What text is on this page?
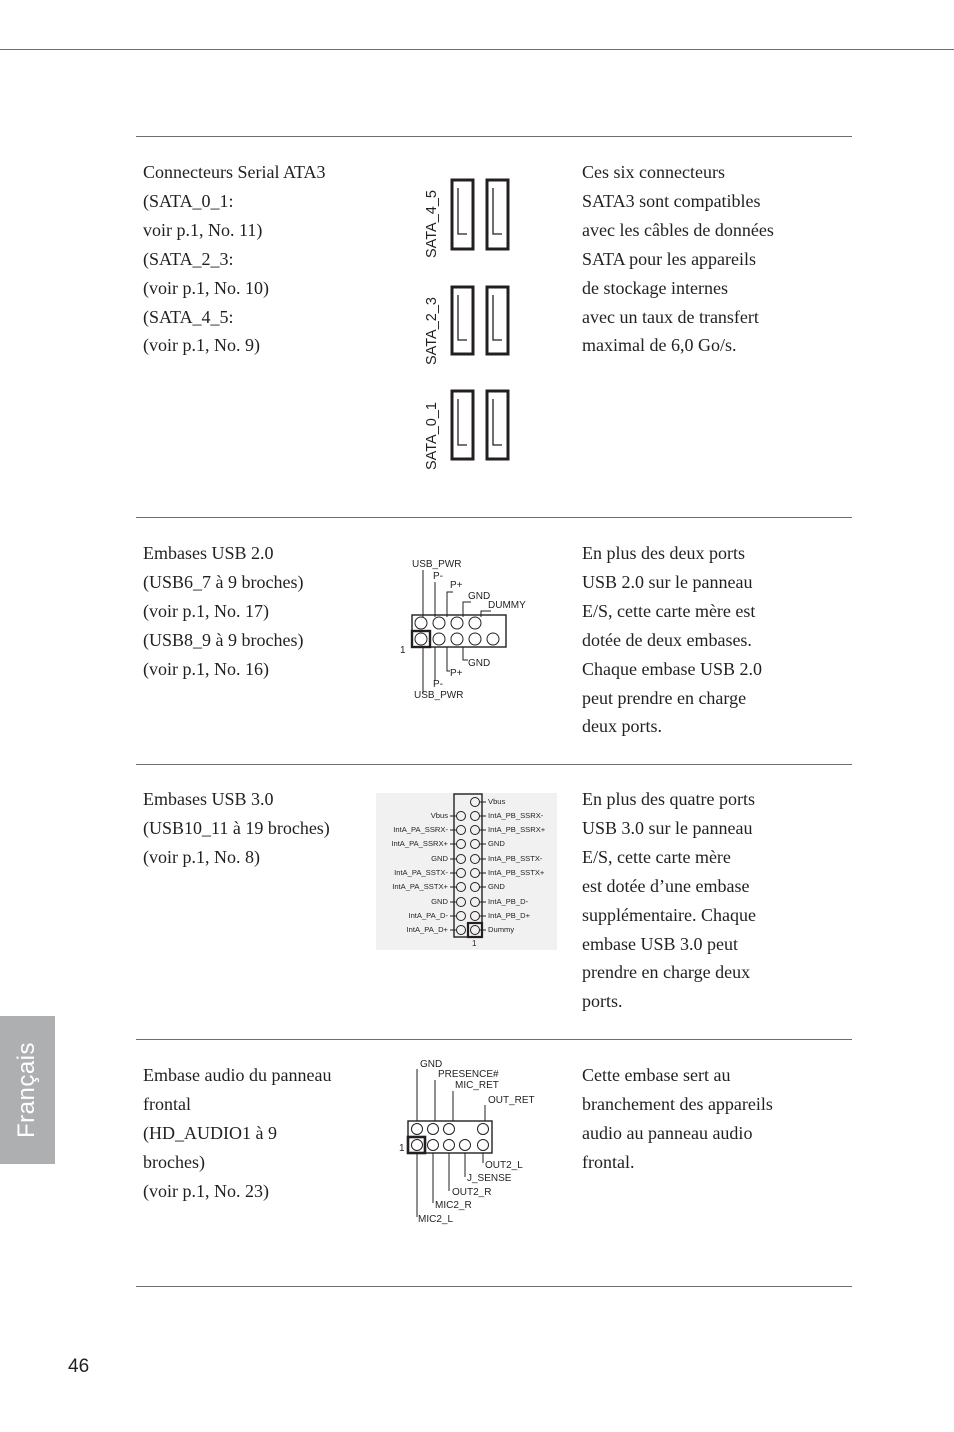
Connecteurs Serial ATA3
(SATA_0_1:
voir p.1, No. 11)
(SATA_2_3:
(voir p.1, No. 10)
(SATA_4_5:
(voir p.1, No. 9)
Ces six connecteurs
SATA3 sont compatibles
avec les câbles de données
SATA pour les appareils
de stockage internes
avec un taux de transfert
maximal de 6,0 Go/s.
SATA_4_5
SATA_2_3
SATA_0_1
Embases USB 2.0
(USB6_7 à 9 broches)
(voir p.1, No. 17)
(USB8_9 à 9 broches)
(voir p.1, No. 16)
En plus des deux ports
USB 2.0 sur le panneau
E/S, cette carte mère est
dotée de deux embases.
Chaque embase USB 2.0
peut prendre en charge
deux ports.
USB_PWR
P-
P+
GND
DUMMY
1
GND
P+
P-
USB_PWR
Embases USB 3.0
(USB10_11 à 19 broches)
(voir p.1, No. 8)
En plus des quatre ports
USB 3.0 sur le panneau
E/S, cette carte mère
est dotée d’une embase
supplémentaire. Chaque
embase USB 3.0 peut
prendre en charge deux
ports.
Vbus
IntA_PA_SSRX-
IntA_PA_SSRX+
GND
IntA_PA_SSTX-
IntA_PA_SSTX+
GND
IntA_PA_D-
IntA_PA_D+
Vbus
IntA_PB_SSRX-
IntA_PB_SSRX+
GND
IntA_PB_SSTX-
IntA_PB_SSTX+
GND
IntA_PB_D-
IntA_PB_D+
Dummy
1
Embase audio du panneau
frontal
(HD_AUDIO1 à 9
broches)
(voir p.1, No. 23)
Cette embase sert au
branchement des appareils
audio au panneau audio
frontal.
GND
PRESENCE#
MIC_RET
OUT_RET
1
OUT2_L
J_SENSE
OUT2_R
MIC2_R
MIC2_L
Français
46
